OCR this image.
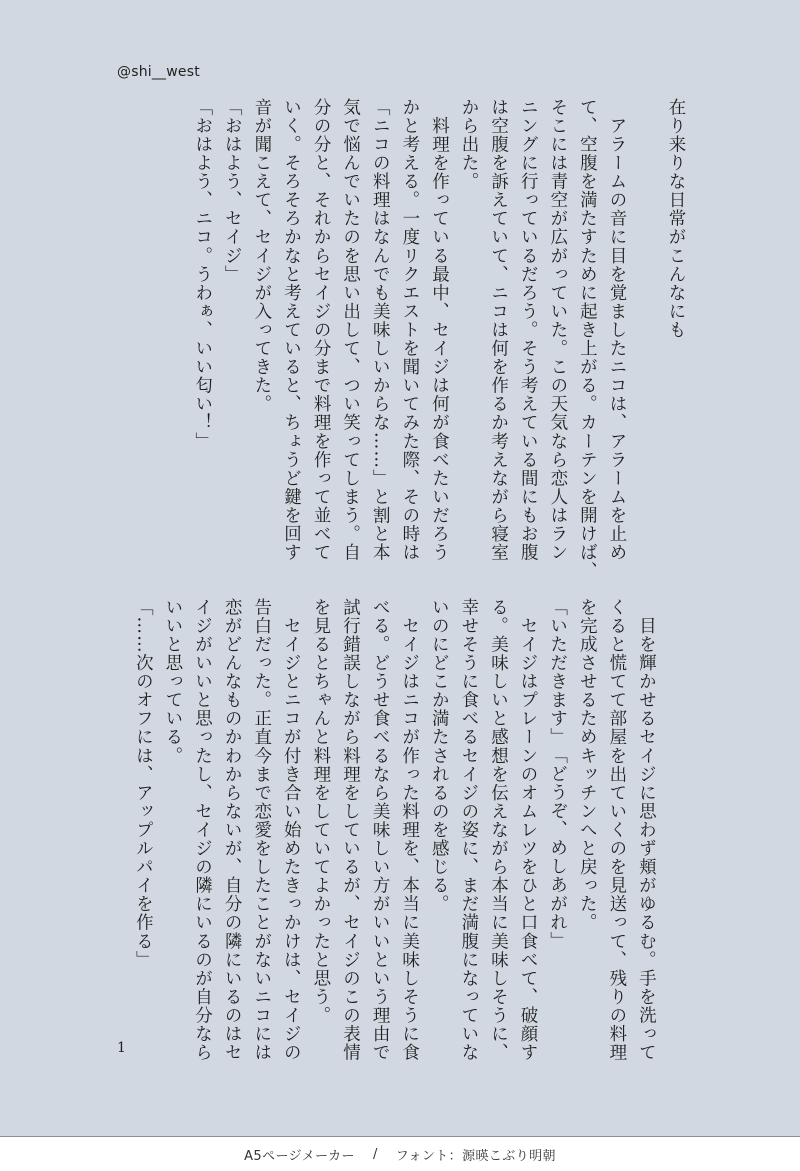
@shi__west
在り来りな日常がこんなにも
　アラームの音に目を覚ましたニコは、アラームを止め
て、空腹を満たすために起き上がる。カーテンを開けば、
そこには青空が広がっていた。この天気なら恋人はラン
ニングに行っているだろう。そう考えている間にもお腹
は空腹を訴えていて、ニコは何を作るか考えながら寝室
から出た。
　料理を作っている最中、セイジは何が食べたいだろう
かと考える。一度リクエストを聞いてみた際、その時は
「ニコの料理はなんでも美味しいからな……」と割と本
気で悩んでいたのを思い出して、つい笑ってしまう。自
分の分と、それからセイジの分まで料理を作って並べて
いく。そろそろかなと考えていると、ちょうど鍵を回す
音が聞こえて、セイジが入ってきた。
「おはよう、セイジ」
「おはよう、ニコ。うわぁ、いい匂い！」
　目を輝かせるセイジに思わず頬がゆるむ。手を洗って
くると慌てて部屋を出ていくのを見送って、残りの料理
を完成させるためキッチンへと戻った。
「いただきます」
「どうぞ、めしあがれ」
　セイジはプレーンのオムレツをひと口食べて、破顔す
る。美味しいと感想を伝えながら本当に美味しそうに、
幸せそうに食べるセイジの姿に、まだ満腹になっていな
いのにどこか満たされるのを感じる。
　セイジはニコが作った料理を、本当に美味しそうに食
べる。どうせ食べるなら美味しい方がいいという理由で
試行錯誤しながら料理をしているが、セイジのこの表情
を見るとちゃんと料理をしていてよかったと思う。
　セイジとニコが付き合い始めたきっかけは、セイジの
告白だった。正直今まで恋愛をしたことがないニコには
恋がどんなものかわからないが、自分の隣にいるのはセ
イジがいいと思ったし、セイジの隣にいるのが自分なら
いいと思っている。
「……次のオフには、アップルパイを作る」
1
A5ページメーカー / フォント：源暎こぶり明朝
